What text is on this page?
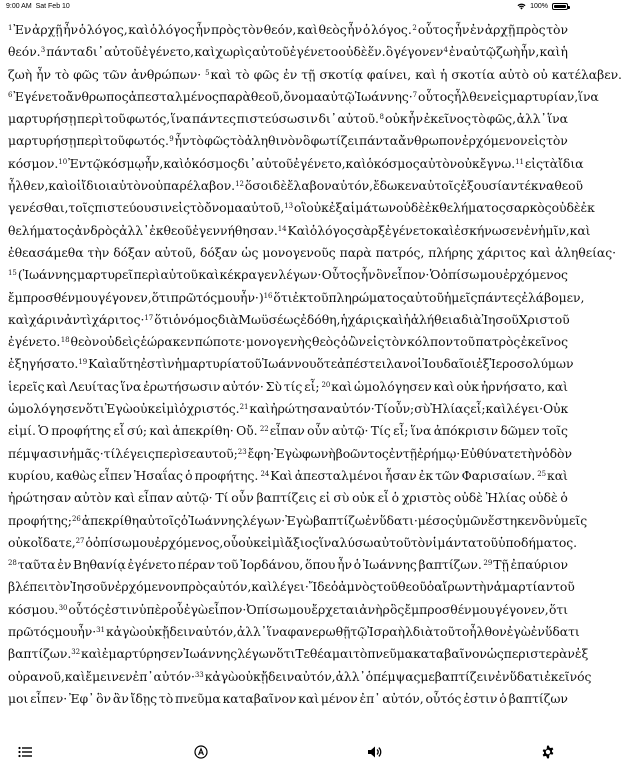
9:00 AM Sat Feb 10	100%
$^1$Ἐν ἀρχῇ ἦν ὁ λόγος, καὶ ὁ λόγος ἦν πρὸς τὸν θεόν, καὶ θεὸς ἦν ὁ λόγος. $^2$οὗτος ἦν ἐν ἀρχῇ πρὸς τὸν
θεόν. $^3$πάντα δι᾽ αὐτοῦ ἐγένετο, καὶ χωρὶς αὐτοῦ ἐγένετο οὐδὲ ἕν. ὃ γέγονεν $^4$ἐν αὐτῷ ζωὴ ἦν, καὶ ἡ
ζωὴ ἦν τὸ φῶς τῶν ἀνθρώπων· $^5$καὶ τὸ φῶς ἐν τῇ σκοτίᾳ φαίνει, καὶ ἡ σκοτία αὐτὸ οὐ κατέλαβεν.
$^6$Ἐγένετο ἄνθρωπος ἀπεσταλμένος παρὰ θεοῦ, ὄνομα αὐτῷ Ἰωάννης· $^7$οὗτος ἦλθεν εἰς μαρτυρίαν, ἵνα
μαρτυρήσῃ περὶ τοῦ φωτός, ἵνα πάντες πιστεύσωσιν δι᾽ αὐτοῦ. $^8$οὐκ ἦν ἐκεῖνος τὸ φῶς, ἀλλ᾽ ἵνα
μαρτυρήσῃ περὶ τοῦ φωτός. $^9$ἦν τὸ φῶς τὸ ἀληθινὸν ὃ φωτίζει πάντα ἄνθρωπον ἐρχόμενον εἰς τὸν
κόσμον. $^{10}$Ἐν τῷ κόσμῳ ἦν, καὶ ὁ κόσμος δι᾽ αὐτοῦ ἐγένετο, καὶ ὁ κόσμος αὐτὸν οὐκ ἔγνω. $^{11}$εἰς τὰ ἴδια
ἦλθεν, καὶ οἱ ἴδιοι αὐτὸν οὐ παρέλαβον. $^{12}$ὅσοι δὲ ἔλαβον αὐτόν, ἔδωκεν αὐτοῖς ἐξουσίαν τέκνα θεοῦ
γενέσθαι, τοῖς πιστεύουσιν εἰς τὸ ὄνομα αὐτοῦ, $^{13}$οἳ οὐκ ἐξ αἱμάτων οὐδὲ ἐκ θελήματος σαρκὸς οὐδὲ ἐκ
θελήματος ἀνδρὸς ἀλλ᾽ ἐκ θεοῦ ἐγεννήθησαν. $^{14}$Καὶ ὁ λόγος σὰρξ ἐγένετο καὶ ἐσκήνωσεν ἐν ἡμῖν, καὶ
ἐθεασάμεθα τὴν δόξαν αὐτοῦ, δόξαν ὡς μονογενοῦς παρὰ πατρός, πλήρης χάριτος καὶ ἀληθείας·
$^{15}$(Ἰωάννης μαρτυρεῖ περὶ αὐτοῦ καὶ κέκραγεν λέγων· Οὗτος ἦν ὃν εἶπον· Ὁ ὀπίσω μου ἐρχόμενος
ἔμπροσθέν μου γέγονεν, ὅτι πρῶτός μου ἦν·) $^{16}$ὅτι ἐκ τοῦ πληρώματος αὐτοῦ ἡμεῖς πάντες ἐλάβομεν,
καὶ χάριν ἀντὶ χάριτος· $^{17}$ὅτι ὁ νόμος διὰ Μωϋσέως ἐδόθη, ἡ χάρις καὶ ἡ ἀλήθεια διὰ Ἰησοῦ Χριστοῦ
ἐγένετο. $^{18}$θεὸν οὐδεὶς ἑώρακεν πώποτε· μονογενὴς θεὸς ὁ ὢν εἰς τὸν κόλπον τοῦ πατρὸς ἐκεῖνος
ἐξηγήσατο. $^{19}$Καὶ αὕτη ἐστὶν ἡ μαρτυρία τοῦ Ἰωάννου ὅτε ἀπέστειλαν οἱ Ἰουδαῖοι ἐξ Ἱεροσολύμων
ἱερεῖς καὶ Λευίτας ἵνα ἐρωτήσωσιν αὐτόν· Σὺ τίς εἶ; $^{20}$καὶ ὡμολόγησεν καὶ οὐκ ἠρνήσατο, καὶ
ὡμολόγησεν ὅτι Ἐγὼ οὐκ εἰμὶ ὁ χριστός. $^{21}$καὶ ἠρώτησαν αὐτόν· Τί οὖν; σὺ Ἠλίας εἶ; καὶ λέγει· Οὐκ
εἰμί. Ὁ προφήτης εἶ σύ; καὶ ἀπεκρίθη· Οὔ. $^{22}$εἶπαν οὖν αὐτῷ· Τίς εἶ; ἵνα ἀπόκρισιν δῶμεν τοῖς
πέμψασιν ἡμᾶς· τί λέγεις περὶ σεαυτοῦ; $^{23}$ἔφη· Ἐγὼ φωνὴ βοῶντος ἐν τῇ ἐρήμῳ· Εὐθύνατε τὴν ὁδὸν
κυρίου, καθὼς εἶπεν Ἠσαΐας ὁ προφήτης. $^{24}$Καὶ ἀπεσταλμένοι ἦσαν ἐκ τῶν Φαρισαίων. $^{25}$καὶ
ἠρώτησαν αὐτὸν καὶ εἶπαν αὐτῷ· Τί οὖν βαπτίζεις εἰ σὺ οὐκ εἶ ὁ χριστὸς οὐδὲ Ἠλίας οὐδὲ ὁ
προφήτης; $^{26}$ἀπεκρίθη αὐτοῖς ὁ Ἰωάννης λέγων· Ἐγὼ βαπτίζω ἐν ὕδατι· μέσος ὑμῶν ἕστηκεν ὃν ὑμεῖς
οὐκ οἴδατε, $^{27}$ὁ ὀπίσω μου ἐρχόμενος, οὗ οὐκ εἰμὶ ἄξιος ἵνα λύσω αὐτοῦ τὸν ἱμάντα τοῦ ὑποδήματος.
$^{28}$ταῦτα ἐν Βηθανίᾳ ἐγένετο πέραν τοῦ Ἰορδάνου, ὅπου ἦν ὁ Ἰωάννης βαπτίζων. $^{29}$Τῇ ἐπαύριον
βλέπει τὸν Ἰησοῦν ἐρχόμενον πρὸς αὐτόν, καὶ λέγει· Ἴδε ὁ ἀμνὸς τοῦ θεοῦ ὁ αἴρων τὴν ἁμαρτίαν τοῦ
κόσμου. $^{30}$οὗτός ἐστιν ὑπὲρ οὗ ἐγὼ εἶπον· Ὀπίσω μου ἔρχεται ἀνὴρ ὃς ἔμπροσθέν μου γέγονεν, ὅτι
πρῶτός μου ἦν· $^{31}$κἀγὼ οὐκ ᾔδειν αὐτόν, ἀλλ᾽ ἵνα φανερωθῇ τῷ Ἰσραὴλ διὰ τοῦτο ἦλθον ἐγὼ ἐν ὕδατι
βαπτίζων. $^{32}$καὶ ἐμαρτύρησεν Ἰωάννης λέγων ὅτι Τεθέαμαι τὸ πνεῦμα καταβαῖνον ὡς περιστερὰν ἐξ
οὐρανοῦ, καὶ ἔμεινεν ἐπ᾽ αὐτόν· $^{33}$κἀγὼ οὐκ ᾔδειν αὐτόν, ἀλλ᾽ ὁ πέμψας με βαπτίζειν ἐν ὕδατι ἐκεῖνός
μοι εἶπεν· Ἐφ᾽ ὃν ἂν ἴδῃς τὸ πνεῦμα καταβαῖνον καὶ μένον ἐπ᾽ αὐτόν, οὗτός ἐστιν ὁ βαπτίζων
